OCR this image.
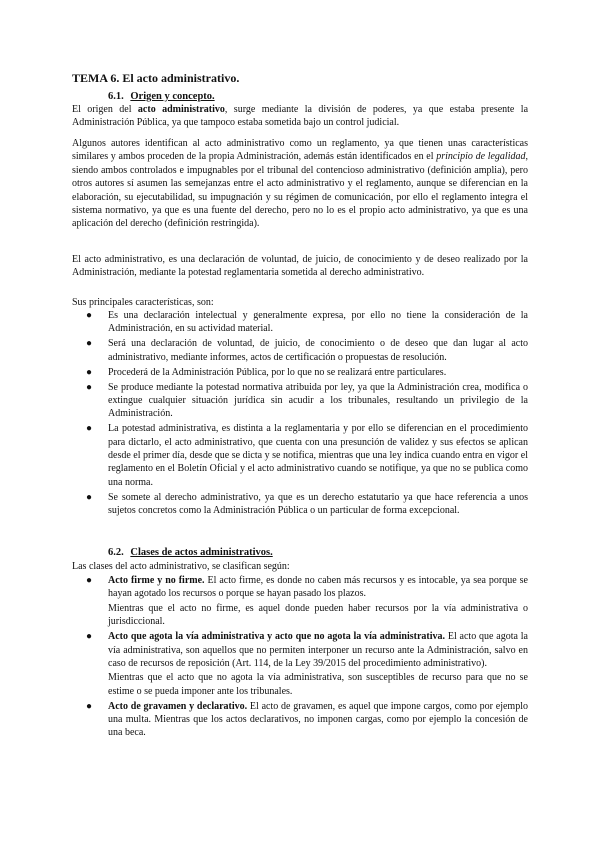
TEMA 6. El acto administrativo.
6.1. Origen y concepto.

El origen del acto administrativo, surge mediante la división de poderes, ya que estaba presente la Administración Pública, ya que tampoco estaba sometida bajo un control judicial.

Algunos autores identifican al acto administrativo como un reglamento, ya que tienen unas características similares y ambos proceden de la propia Administración, además están identificados en el principio de legalidad, siendo ambos controlados e impugnables por el tribunal del contencioso administrativo (definición amplia), pero otros autores sí asumen las semejanzas entre el acto administrativo y el reglamento, aunque se diferencian en la elaboración, su ejecutabilidad, su impugnación y su régimen de comunicación, por ello el reglamento integra el sistema normativo, ya que es una fuente del derecho, pero no lo es el propio acto administrativo, ya que es una aplicación del derecho (definición restringida).

El acto administrativo, es una declaración de voluntad, de juicio, de conocimiento y de deseo realizado por la Administración, mediante la potestad reglamentaria sometida al derecho administrativo.

Sus principales características, son:

● Es una declaración intelectual y generalmente expresa, por ello no tiene la consideración de la Administración, en su actividad material.
● Será una declaración de voluntad, de juicio, de conocimiento o de deseo que dan lugar al acto administrativo, mediante informes, actos de certificación o propuestas de resolución.
● Procederá de la Administración Pública, por lo que no se realizará entre particulares.
● Se produce mediante la potestad normativa atribuida por ley, ya que la Administración crea, modifica o extingue cualquier situación jurídica sin acudir a los tribunales, resultando un privilegio de la Administración.
● La potestad administrativa, es distinta a la reglamentaria y por ello se diferencian en el procedimiento para dictarlo, el acto administrativo, que cuenta con una presunción de validez y sus efectos se aplican desde el primer día, desde que se dicta y se notifica, mientras que una ley indica cuando entra en vigor el reglamento en el Boletín Oficial y el acto administrativo cuando se notifique, ya que no se publica como una norma.
● Se somete al derecho administrativo, ya que es un derecho estatutario ya que hace referencia a unos sujetos concretos como la Administración Pública o un particular de forma excepcional.
6.2. Clases de actos administrativos.

Las clases del acto administrativo, se clasifican según:

● Acto firme y no firme. El acto firme, es donde no caben más recursos y es intocable, ya sea porque se hayan agotado los recursos o porque se hayan pasado los plazos.
Mientras que el acto no firme, es aquel donde pueden haber recursos por la vía administrativa o jurisdiccional.
● Acto que agota la vía administrativa y acto que no agota la vía administrativa. El acto que agota la vía administrativa, son aquellos que no permiten interponer un recurso ante la Administración, salvo en caso de recursos de reposición (Art. 114, de la Ley 39/2015 del procedimiento administrativo).
Mientras que el acto que no agota la vía administrativa, son susceptibles de recurso para que no se estime o se pueda imponer ante los tribunales.
● Acto de gravamen y declarativo. El acto de gravamen, es aquel que impone cargos, como por ejemplo una multa. Mientras que los actos declarativos, no imponen cargas, como por ejemplo la concesión de una beca.
